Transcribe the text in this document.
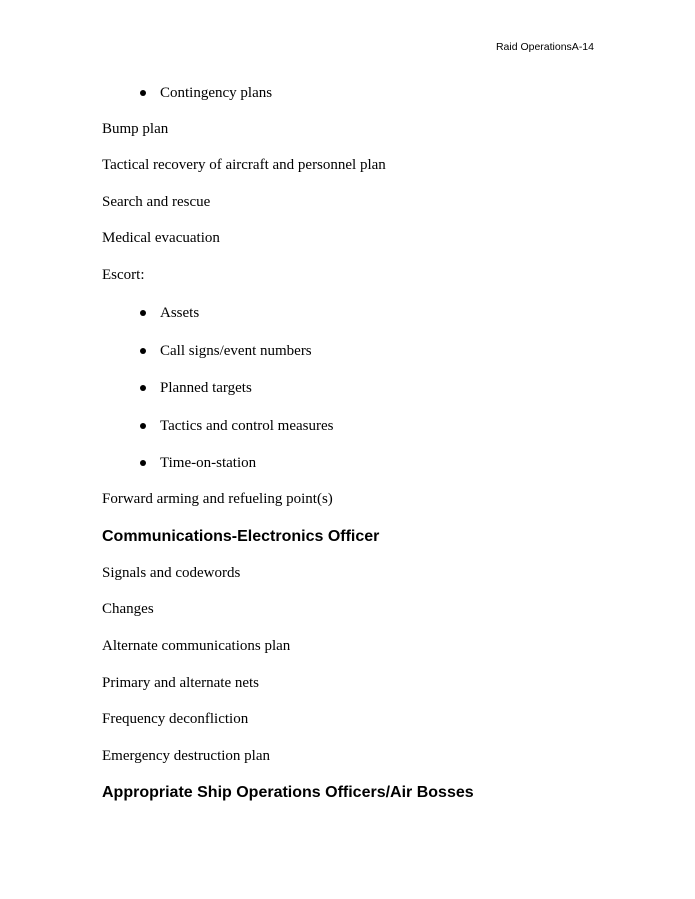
Raid OperationsA-14
Contingency plans
Bump plan
Tactical recovery of aircraft and personnel plan
Search and rescue
Medical evacuation
Escort:
Assets
Call signs/event numbers
Planned targets
Tactics and control measures
Time-on-station
Forward arming and refueling point(s)
Communications-Electronics Officer
Signals and codewords
Changes
Alternate communications plan
Primary and alternate nets
Frequency deconfliction
Emergency destruction plan
Appropriate Ship Operations Officers/Air Bosses
